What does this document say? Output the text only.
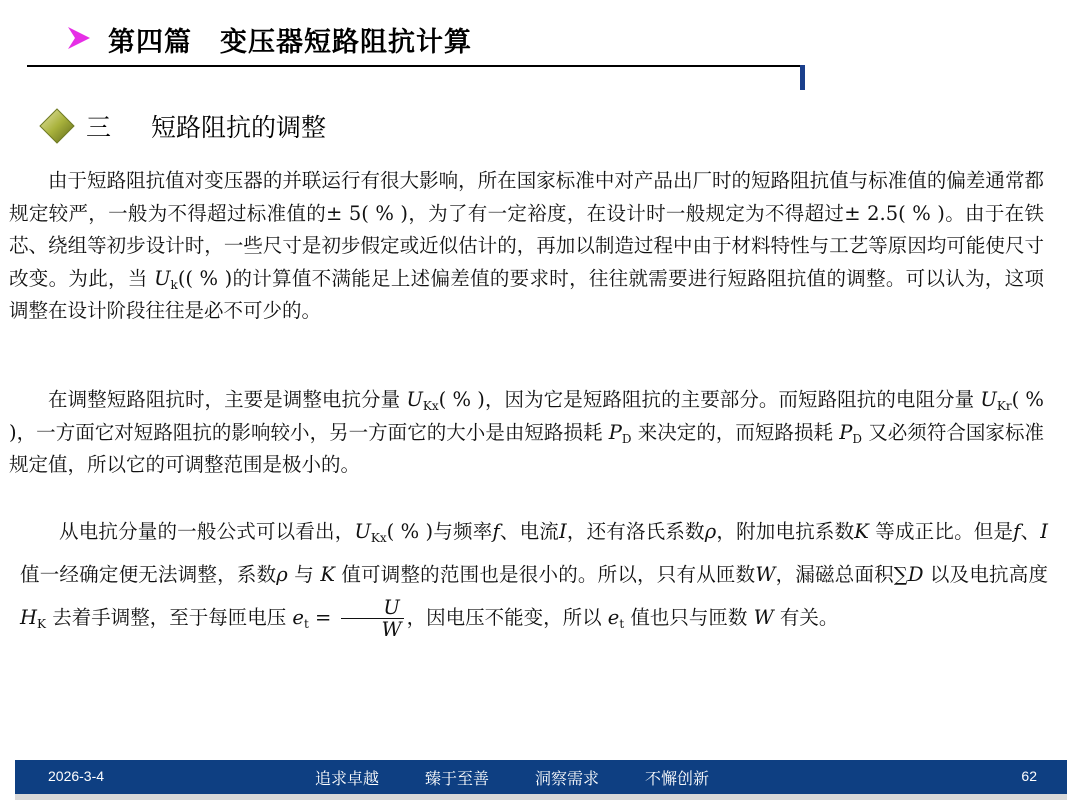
第四篇　变压器短路阻抗计算
三 短路阻抗的调整

由于短路阻抗值对变压器的并联运行有很大影响，所在国家标准中对产品出厂时的短路阻抗值与标准值的偏差通常都规定较严，一般为不得超过标准值的± 5( % )，为了有一定裕度，在设计时一般规定为不得超过± 2.5( % )。由于在铁芯、绕组等初步设计时，一些尺寸是初步假定或近似估计的，再加以制造过程中由于材料特性与工艺等原因均可能使尺寸改变。为此，当 $U_k$(( % )的计算值不满能足上述偏差值的要求时，往往就需要进行短路阻抗值的调整。可以认为，这项调整在设计阶段往往是必不可少的。

在调整短路阻抗时，主要是调整电抗分量 $U_{Kx}$( % )，因为它是短路阻抗的主要部分。而短路阻抗的电阻分量 $U_{Kr}$( % )，一方面它对短路阻抗的影响较小，另一方面它的大小是由短路损耗 $P_D$ 来决定的，而短路损耗 $P_D$ 又必须符合国家标准规定值，所以它的可调整范围是极小的。

从电抗分量的一般公式可以看出，$U_{Kx}$( % )与频率f、电流I，还有洛氏系数ρ，附加电抗系数K 等成正比。但是f、I 值一经确定便无法调整，系数ρ 与 K 值可调整的范围也是很小的。所以，只有从匝数W，漏磁总面积∑D 以及电抗高度$H_K$ 去着手调整，至于每匝电压 $e_t = \frac{U}{W}$ ，因电压不能变，所以 $e_t$ 值也只与匝数 W 有关。

2026-3-4	追求卓越	臻于至善	洞察需求	不懈创新	62
